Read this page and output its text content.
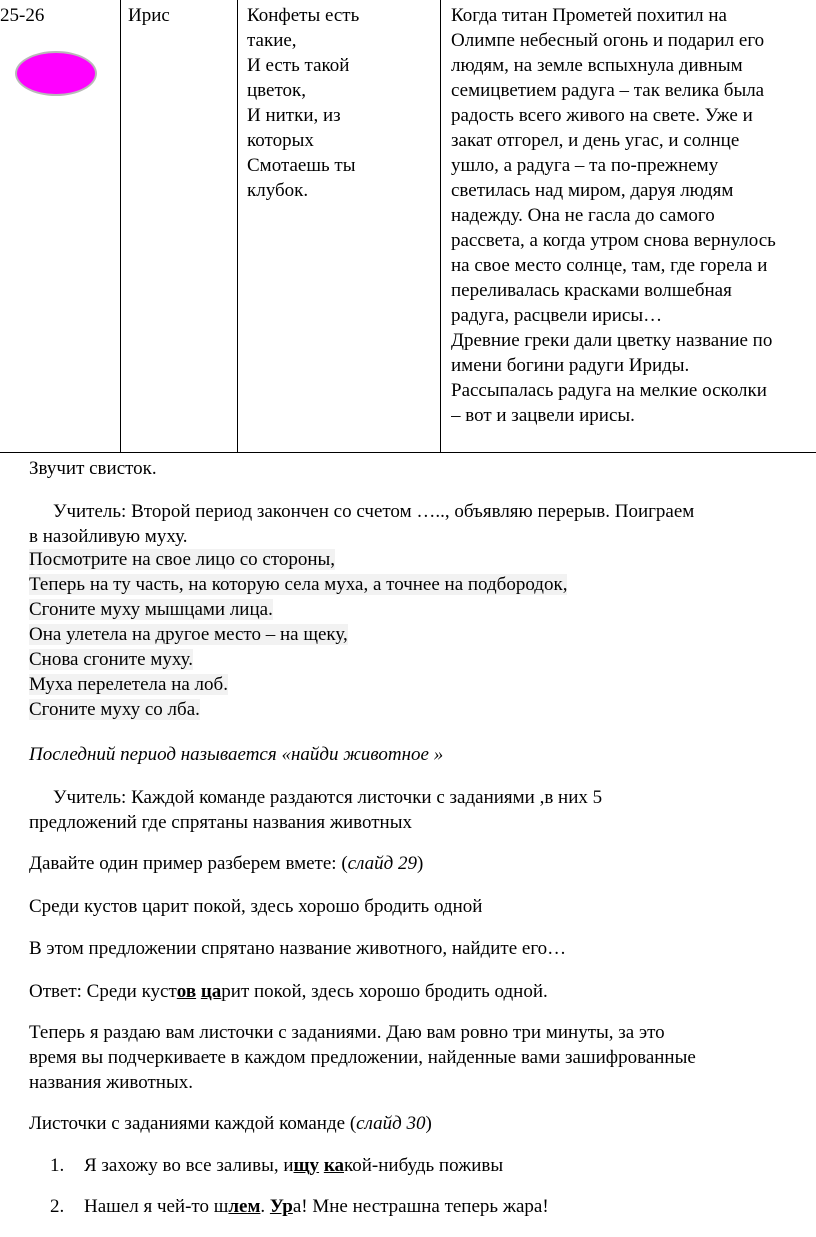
25-26	Ирис	Конфеты есть
такие,
И есть такой
цветок,
И нитки, из
которых
Смотаешь ты
клубок.
Когда титан Прометей похитил на
Олимпе небесный огонь и подарил его
людям, на земле вспыхнула дивным
семицветием радуга – так велика была
радость всего живого на свете. Уже и
закат отгорел, и день угас, и солнце
ушло, а радуга – та по-прежнему
светилась над миром, даруя людям
надежду. Она не гасла до самого
рассвета, а когда утром снова вернулось
на свое место солнце, там, где горела и
переливалась красками волшебная
радуга, расцвели ирисы…
Древние греки дали цветку название по
имени богини радуги Ириды.
Рассыпалась радуга на мелкие осколки
– вот и зацвели ирисы.
Звучит свисток.
Учитель: Второй период закончен со счетом ….., объявляю перерыв. Поиграем
в назойливую муху.
Посмотрите на свое лицо со стороны,
Теперь на ту часть, на которую села муха, а точнее на подбородок,
Сгоните муху мышцами лица.
Она улетела на другое место – на щеку,
Снова сгоните муху.
Муха перелетела на лоб.
Сгоните муху со лба.
Последний период называется «найди животное »
Учитель: Каждой команде раздаются листочки с заданиями ,в них 5
предложений где спрятаны названия животных
Давайте один пример разберем вмете: (слайд 29)
Среди кустов царит покой, здесь хорошо бродить одной
В этом предложении спрятано название животного, найдите его…
Ответ: Среди кустов царит покой, здесь хорошо бродить одной.
Теперь я раздаю вам листочки с заданиями. Даю вам ровно три минуты, за это
время вы подчеркиваете в каждом предложении, найденные вами зашифрованные
названия животных.
Листочки с заданиями каждой команде (слайд 30)
1. Я захожу во все заливы, ищу какой-нибудь поживы
2. Нашел я чей-то шлем. Ура! Мне нестрашна теперь жара!
